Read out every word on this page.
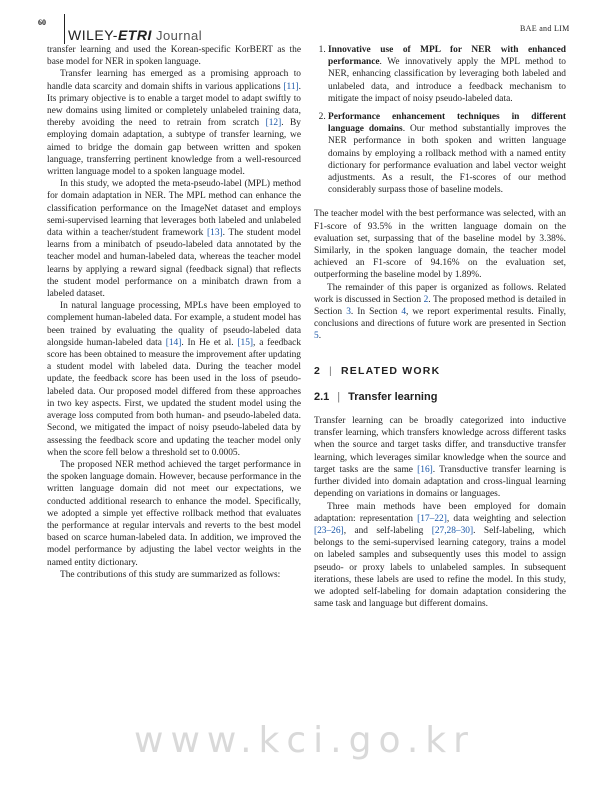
60
WILEY-ETRI Journal	BAE and LIM

transfer learning and used the Korean-specific KorBERT as the base model for NER in spoken language.

Transfer learning has emerged as a promising approach to handle data scarcity and domain shifts in various applications [11]. Its primary objective is to enable a target model to adapt swiftly to new domains using limited or completely unlabeled training data, thereby avoiding the need to retrain from scratch [12]. By employing domain adaptation, a subtype of transfer learning, we aimed to bridge the domain gap between written and spoken language, transferring pertinent knowledge from a well-resourced written language model to a spoken language model.

In this study, we adopted the meta-pseudo-label (MPL) method for domain adaptation in NER. The MPL method can enhance the classification performance on the ImageNet dataset and employs semi-supervised learning that leverages both labeled and unlabeled data within a teacher/student framework [13]. The student model learns from a minibatch of pseudo-labeled data annotated by the teacher model and human-labeled data, whereas the teacher model learns by applying a reward signal (feedback signal) that reflects the student model performance on a minibatch drawn from a labeled dataset.

In natural language processing, MPLs have been employed to complement human-labeled data. For example, a student model has been trained by evaluating the quality of pseudo-labeled data alongside human-labeled data [14]. In He et al. [15], a feedback score has been obtained to measure the improvement after updating a student model with labeled data. During the teacher model update, the feedback score has been used in the loss of pseudo-labeled data. Our proposed model differed from these approaches in two key aspects. First, we updated the student model using the average loss computed from both human- and pseudo-labeled data. Second, we mitigated the impact of noisy pseudo-labeled data by assessing the feedback score and updating the teacher model only when the score fell below a threshold set to 0.0005.

The proposed NER method achieved the target performance in the spoken language domain. However, because performance in the written language domain did not meet our expectations, we conducted additional research to enhance the model. Specifically, we adopted a simple yet effective rollback method that evaluates the performance at regular intervals and reverts to the best model based on scarce human-labeled data. In addition, we improved the model performance by adjusting the label vector weights in the named entity dictionary.

The contributions of this study are summarized as follows:

1. Innovative use of MPL for NER with enhanced performance. We innovatively apply the MPL method to NER, enhancing classification by leveraging both labeled and unlabeled data, and introduce a feedback mechanism to mitigate the impact of noisy pseudo-labeled data.
2. Performance enhancement techniques in different language domains. Our method substantially improves the NER performance in both spoken and written language domains by employing a rollback method with a named entity dictionary for performance evaluation and label vector weight adjustments. As a result, the F1-scores of our method considerably surpass those of baseline models.

The teacher model with the best performance was selected, with an F1-score of 93.5% in the written language domain on the evaluation set, surpassing that of the baseline model by 3.38%. Similarly, in the spoken language domain, the teacher model achieved an F1-score of 94.16% on the evaluation set, outperforming the baseline model by 1.89%.

The remainder of this paper is organized as follows. Related work is discussed in Section 2. The proposed method is detailed in Section 3. In Section 4, we report experimental results. Finally, conclusions and directions of future work are presented in Section 5.

2 | RELATED WORK
2.1 | Transfer learning

Transfer learning can be broadly categorized into inductive transfer learning, which transfers knowledge across different tasks when the source and target tasks differ, and transductive transfer learning, which leverages similar knowledge when the source and target tasks are the same [16]. Transductive transfer learning is further divided into domain adaptation and cross-lingual learning depending on variations in domains or languages.

Three main methods have been employed for domain adaptation: representation [17–22], data weighting and selection [23–26], and self-labeling [27,28–30]. Self-labeling, which belongs to the semi-supervised learning category, trains a model on labeled samples and subsequently uses this model to assign pseudo- or proxy labels to unlabeled samples. In subsequent iterations, these labels are used to refine the model. In this study, we adopted self-labeling for domain adaptation considering the same task and language but different domains.

www.kci.go.kr
